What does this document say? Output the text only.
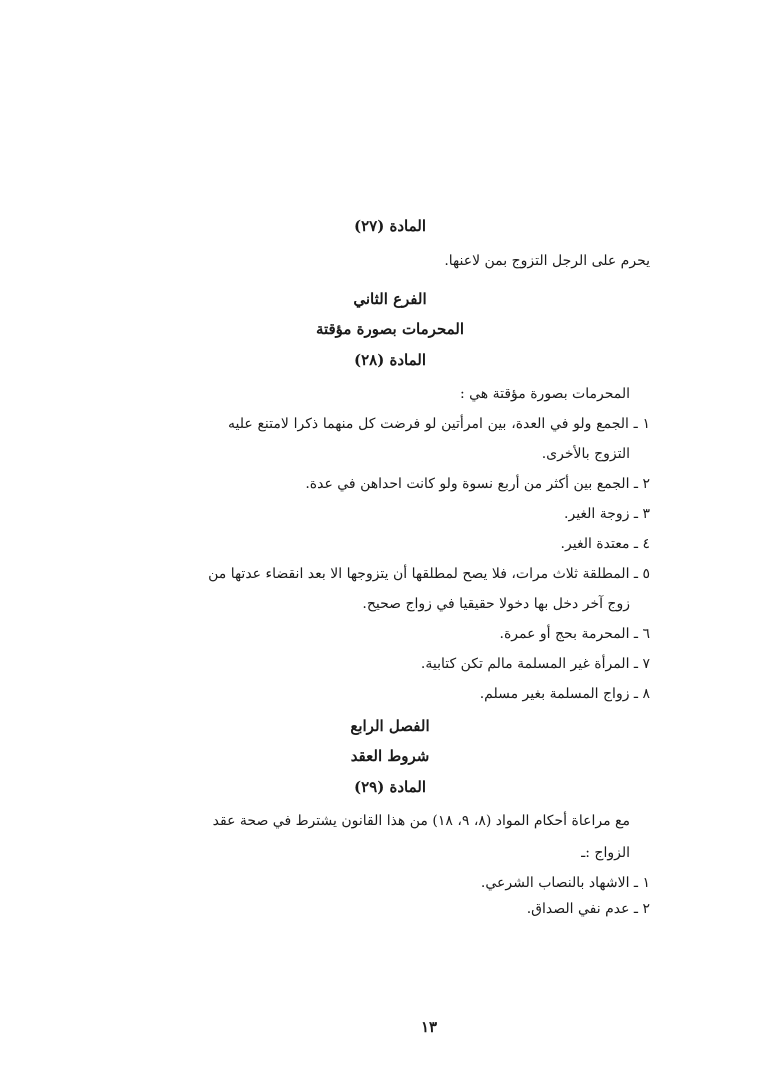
المادة (٢٧)
يحرم على الرجل التزوج بمن لاعنها.
الفرع الثاني
المحرمات بصورة مؤقتة
المادة (٢٨)
المحرمات بصورة مؤقتة هي :
١ ـ الجمع ولو في العدة، بين امرأتين لو فرضت كل منهما ذكرا لامتنع عليه
التزوج بالأخرى.
٢ ـ الجمع بين أكثر من أربع نسوة ولو كانت احداهن في عدة.
٣ ـ زوجة الغير.
٤ ـ معتدة الغير.
٥ ـ المطلقة ثلاث مرات، فلا يصح لمطلقها أن يتزوجها الا بعد انقضاء عدتها من
زوج آخر دخل بها دخولا حقيقيا في زواج صحيح.
٦ ـ المحرمة بحج أو عمرة.
٧ ـ المرأة غير المسلمة مالم تكن كتابية.
٨ ـ زواج المسلمة بغير مسلم.
الفصل الرابع
شروط العقد
المادة (٢٩)
مع مراعاة أحكام المواد (٨، ٩، ١٨) من هذا القانون يشترط في صحة عقد
الزواج :ـ
١ ـ الاشهاد بالنصاب الشرعي.
٢ ـ عدم نفي الصداق.
١٣
